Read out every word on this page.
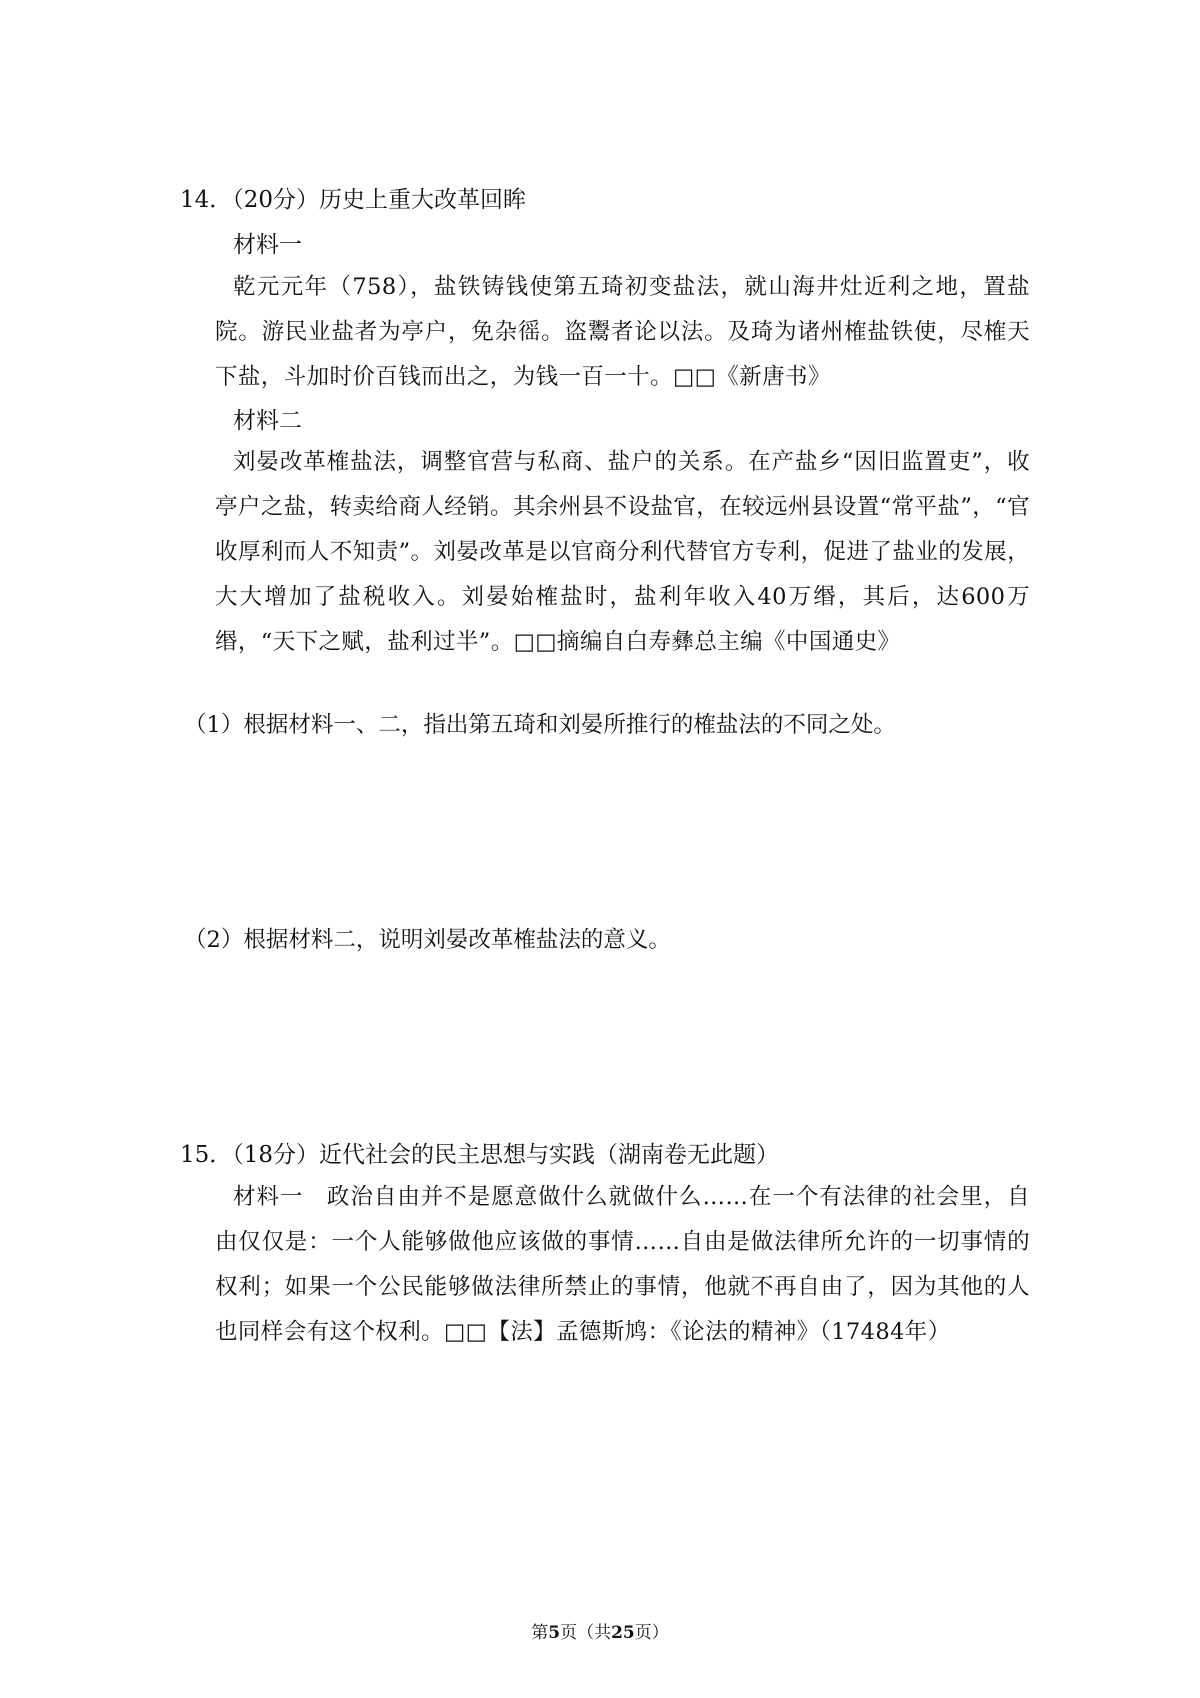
14．（20分）历史上重大改革回眸
材料一
乾元元年（758），盐铁铸钱使第五琦初变盐法，就山海井灶近利之地，置盐院。游民业盐者为亭户，免杂徭。盗鬻者论以法。及琦为诸州榷盐铁使，尽榷天下盐，斗加时价百钱而出之，为钱一百一十。□□《新唐书》
材料二
刘晏改革榷盐法，调整官营与私商、盐户的关系。在产盐乡“因旧监置吏”，收亭户之盐，转卖给商人经销。其余州县不设盐官，在较远州县设置“常平盐”，“官收厚利而人不知责”。刘晏改革是以官商分利代替官方专利，促进了盐业的发展，大大增加了盐税收入。刘晏始榷盐时，盐利年收入40万缗，其后，达600万缗，“天下之赋，盐利过半”。□□摘编自白寿彝总主编《中国通史》
（1）根据材料一、二，指出第五琦和刘晏所推行的榷盐法的不同之处。
（2）根据材料二，说明刘晏改革榷盐法的意义。
15．（18分）近代社会的民主思想与实践（湖南卷无此题）
材料一　政治自由并不是愿意做什么就做什么……在一个有法律的社会里，自由仅仅是：一个人能够做他应该做的事情……自由是做法律所允许的一切事情的权利；如果一个公民能够做法律所禁止的事情，他就不再自由了，因为其他的人也同样会有这个权利。□□【法】孟德斯鸠：《论法的精神》（17484年）
第5页（共25页）
